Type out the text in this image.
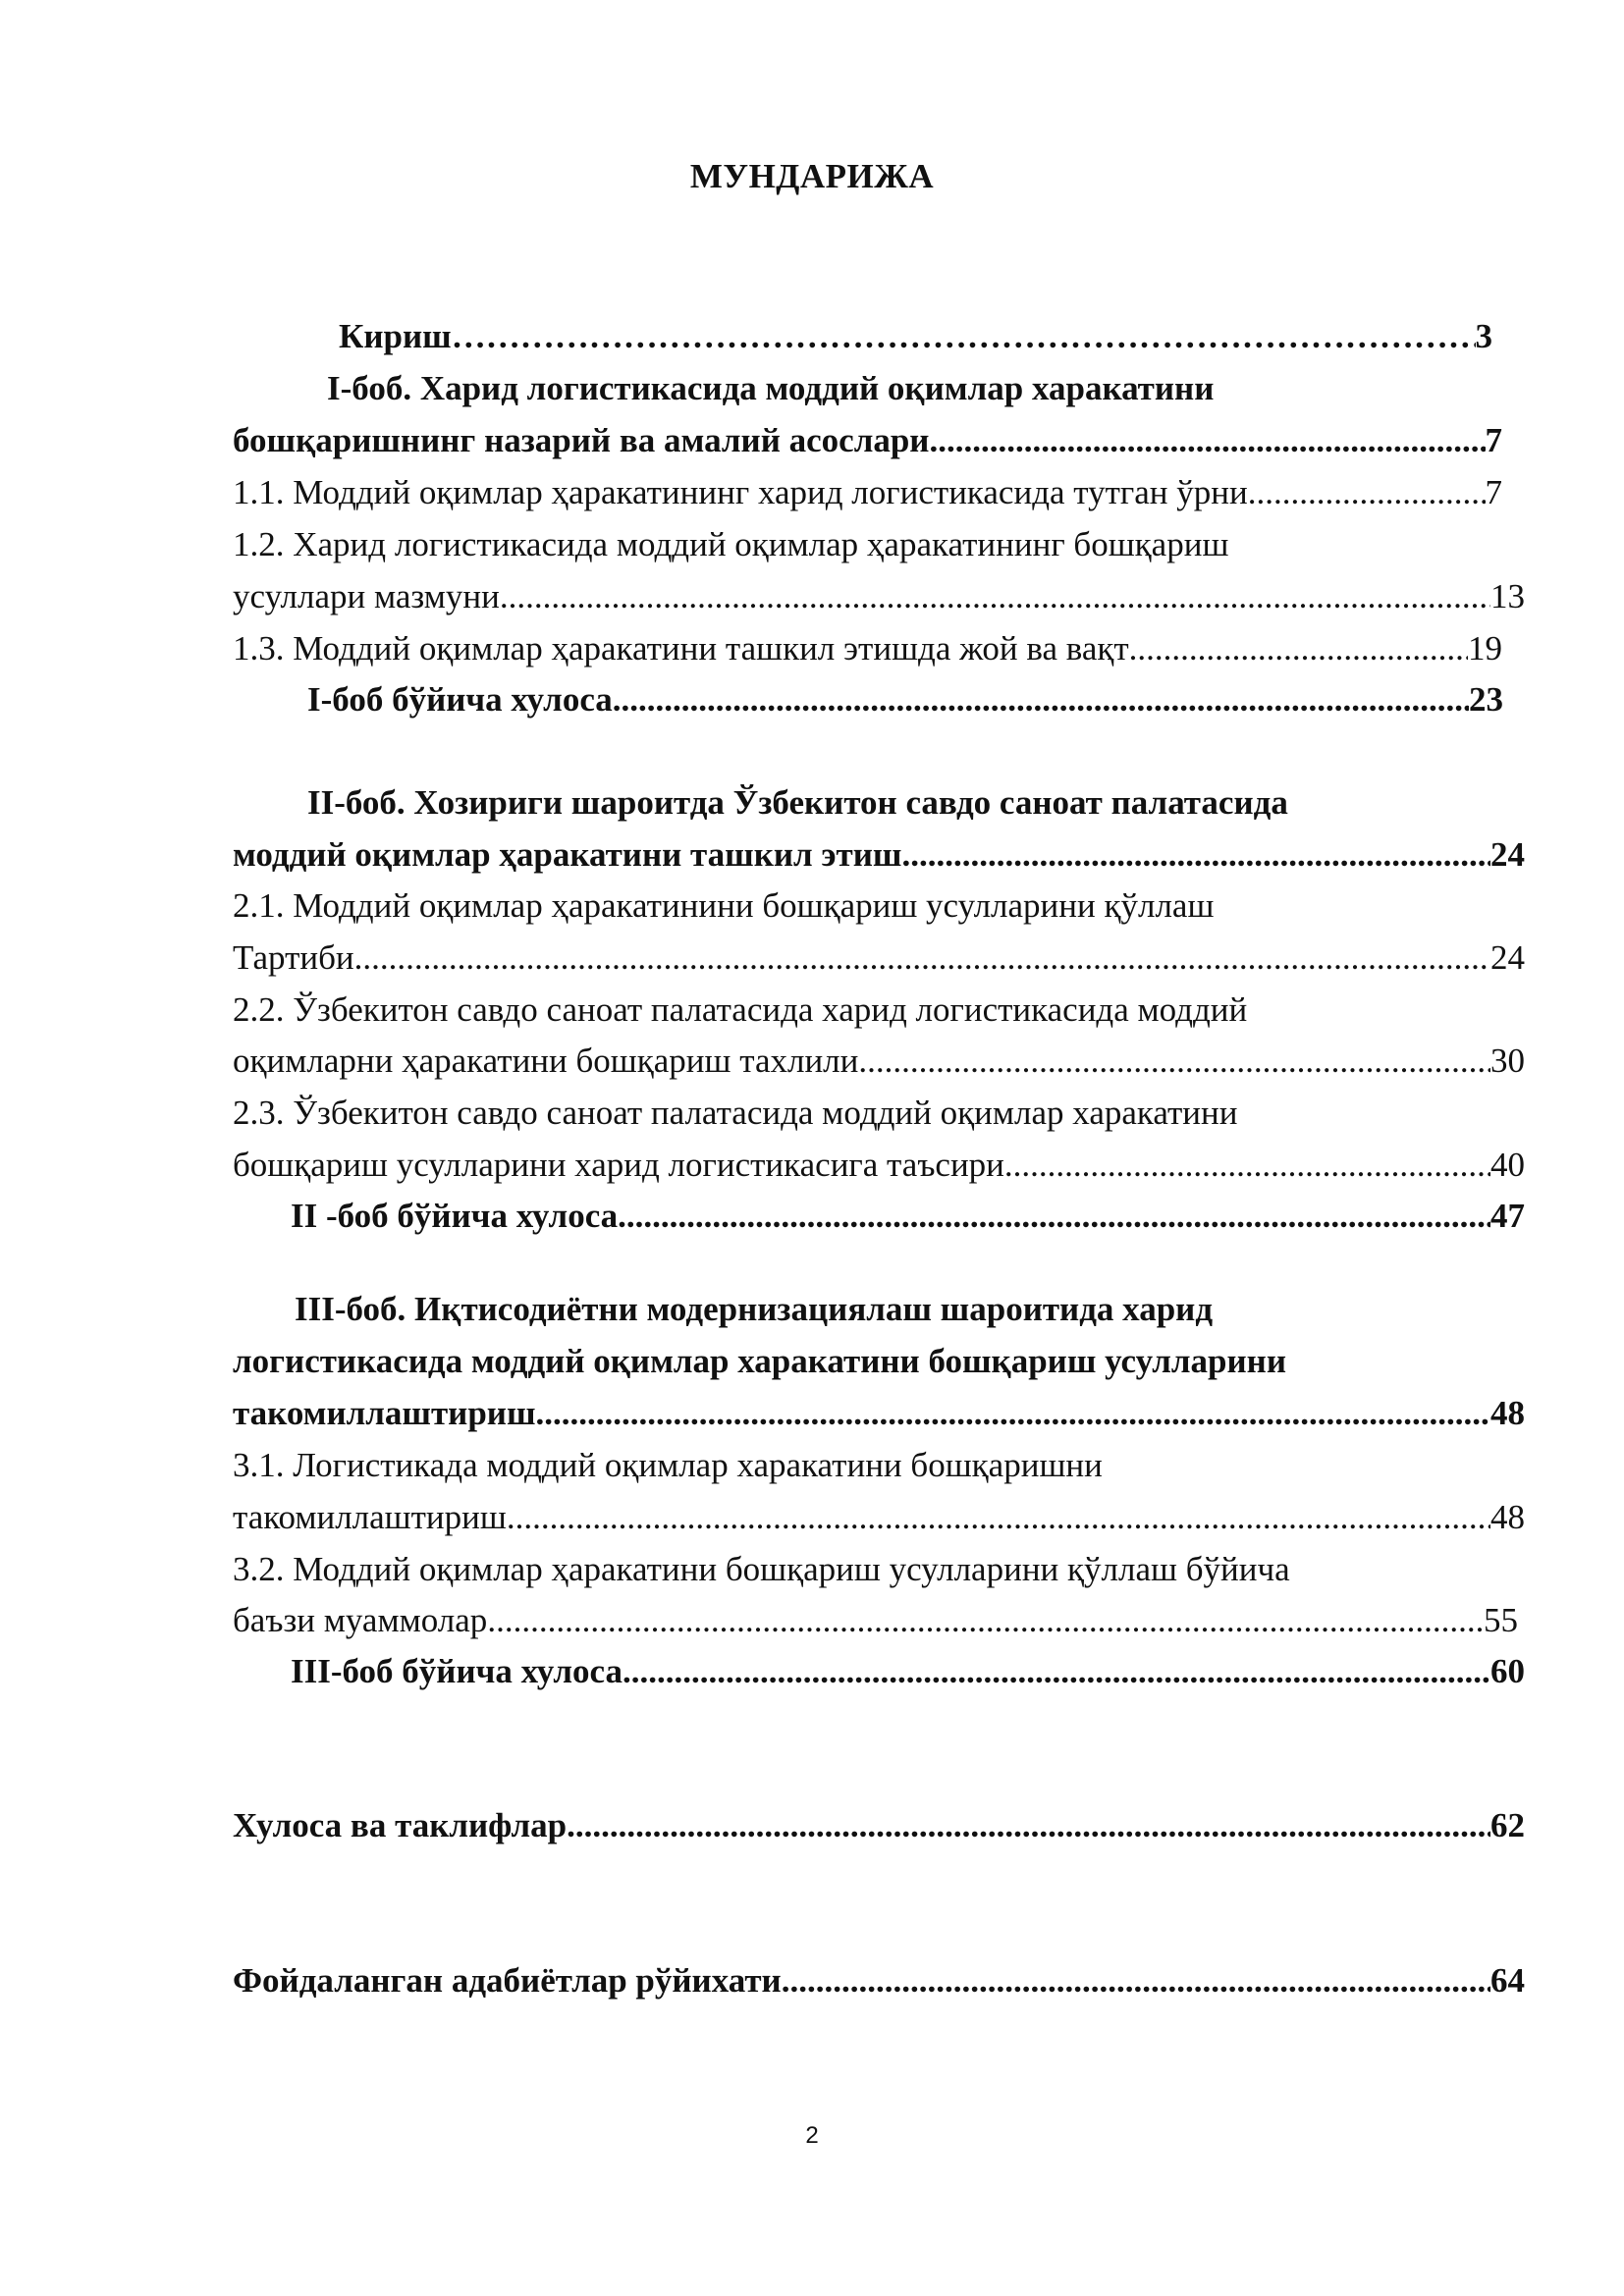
МУНДАРИЖА
Кириш ………………………………………………………………………………………………………………………………………………………………………………………………	3
I-боб. Харид логистикасида моддий оқимлар харакатини
бошқаришнинг назарий ва амалий асослари .....	7
1.1. Моддий оқимлар ҳаракатининг харид логистикасида тутган ўрни .....	7
1.2. Харид логистикасида моддий оқимлар ҳаракатининг бошқариш
усуллари мазмуни .....	13
1.3. Моддий оқимлар ҳаракатини ташкил этишда жой ва вақт .....	19
I-боб бўйича хулоса .....	23
II-боб. Хозириги шароитда Ўзбекитон савдо саноат палатасида
моддий оқимлар ҳаракатини ташкил этиш .....	24
2.1. Моддий оқимлар ҳаракатинини бошқариш усулларини қўллаш
Тартиби .....	24
2.2. Ўзбекитон савдо саноат палатасида харид логистикасида моддий
оқимларни ҳаракатини бошқариш тахлили .....	30
2.3. Ўзбекитон савдо саноат палатасида моддий оқимлар харакатини
бошқариш усулларини харид логистикасига таъсири .....	40
II -боб бўйича хулоса .....	47
III-боб. Иқтисодиётни модернизациялаш шароитида харид
логистикасида моддий оқимлар харакатини бошқариш усулларини
такомиллаштириш .....	48
3.1. Логистикада моддий оқимлар харакатини бошқаришни
такомиллаштириш .....	48
3.2. Моддий оқимлар ҳаракатини бошқариш усулларини қўллаш бўйича
баъзи муаммолар .....	55
III-боб бўйича хулоса .....	60
Хулоса ва таклифлар .....	62
Фойдаланган адабиётлар рўйихати .....	64
2
